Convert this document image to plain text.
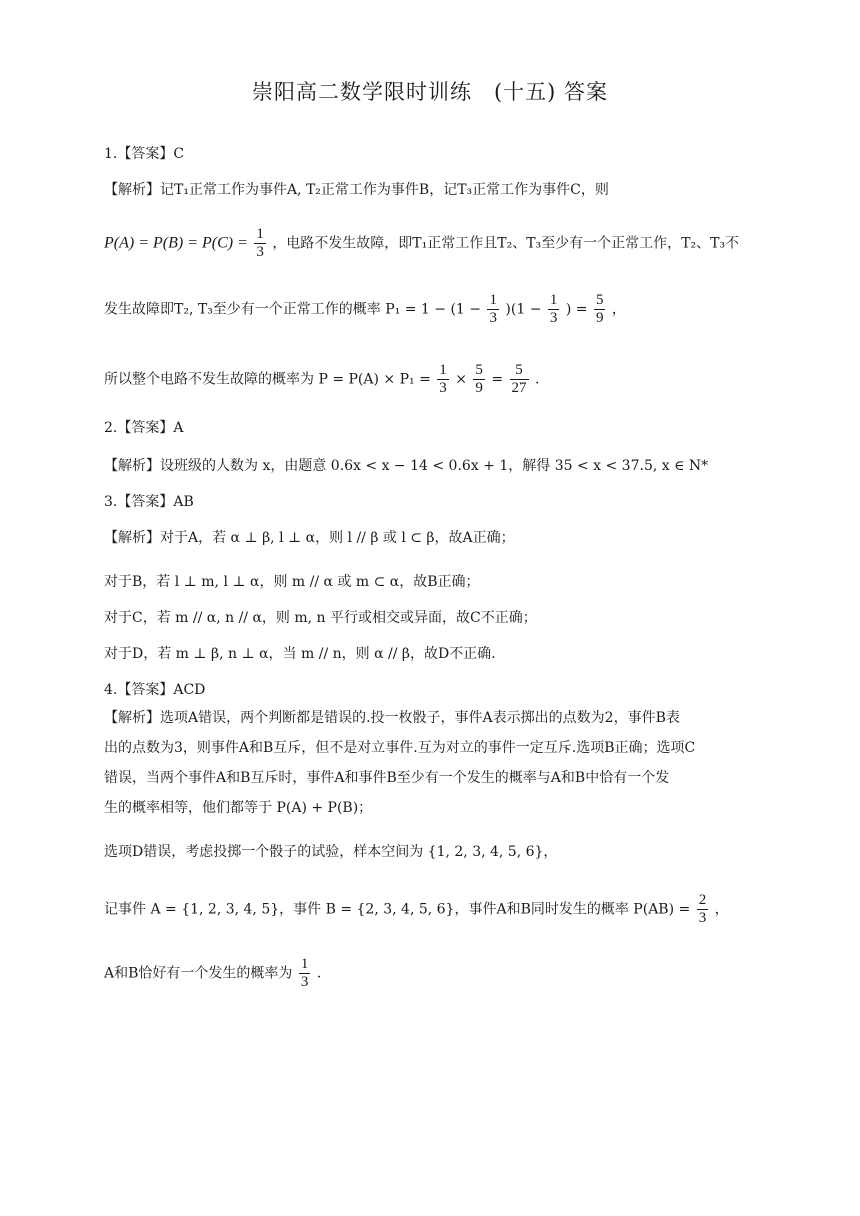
崇阳高二数学限时训练　(十五) 答案
1.【答案】C
【解析】记T₁正常工作为事件A, T₂正常工作为事件B，记T₃正常工作为事件C，则
$P(A) = P(B) = P(C) = \frac{1}{3}$ ，电路不发生故障，即T₁正常工作且T₂、T₃至少有一个正常工作，T₂、T₃不
发生故障即T₂, T₃至少有一个正常工作的概率 $P_1 = 1 - (1 - \frac{1}{3} )(1 - \frac{1}{3}$ ) = $\frac{5}{9}$ ，
所以整个电路不发生故障的概率为 $P = P(A) \times P_1 = \frac{1}{3} \times \frac{5}{9} = \frac{5}{27}$ .
2.【答案】A
【解析】设班级的人数为 x，由题意 0.6x < x − 14 < 0.6x + 1，解得 35 < x < 37.5, x ∈ N*
3.【答案】AB
【解析】对于A，若 α ⊥ β, l ⊥ α，则 l // β 或 l ⊂ β，故A正确；
对于B，若 l ⊥ m, l ⊥ α，则 m // α 或 m ⊂ α，故B正确；
对于C，若 m // α, n // α，则 m, n 平行或相交或异面，故C不正确；
对于D，若 m ⊥ β, n ⊥ α，当 m // n，则 α // β，故D不正确.
4.【答案】ACD
【解析】选项A错误，两个判断都是错误的.投一枚骰子，事件A表示掷出的点数为2，事件B表
出的点数为3，则事件A和B互斥，但不是对立事件.互为对立的事件一定互斥.选项B正确；选项C
错误，当两个事件A和B互斥时，事件A和事件B至少有一个发生的概率与A和B中恰有一个发
生的概率相等，他们都等于 P(A) + P(B)；
选项D错误，考虑投掷一个骰子的试验，样本空间为 {1, 2, 3, 4, 5, 6}，
记事件 A = {1, 2, 3, 4, 5}，事件 B = {2, 3, 4, 5, 6}，事件A和B同时发生的概率 $P(AB) = \frac{2}{3}$ ，
A和B恰好有一个发生的概率为 $\frac{1}{3}$ .
